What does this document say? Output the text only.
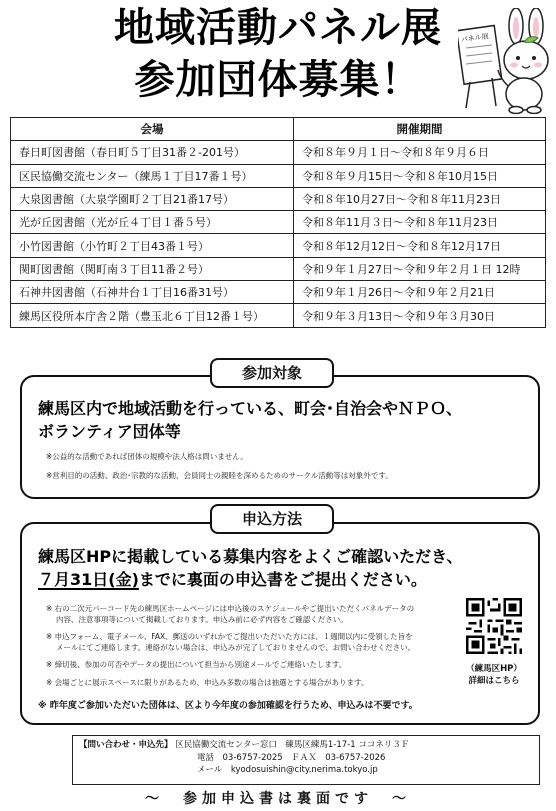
地域活動パネル展
参加団体募集！
パネル展
会場	開催期間
春日町図書館（春日町５丁目31番２-201号）	令和８年９月１日～令和８年９月６日
区民協働交流センター（練馬１丁目17番１号）	令和８年９月15日～令和８年10月15日
大泉図書館（大泉学園町２丁目21番17号）	令和８年10月27日～令和８年11月23日
光が丘図書館（光が丘４丁目１番５号）	令和８年11月３日～令和８年11月23日
小竹図書館（小竹町２丁目43番１号）	令和８年12月12日～令和８年12月17日
関町図書館（関町南３丁目11番２号）	令和９年１月27日～令和９年２月１日 12時
石神井図書館（石神井台１丁目16番31号）	令和９年１月26日～令和９年２月21日
練馬区役所本庁舎２階（豊玉北６丁目12番１号）	令和９年３月13日～令和９年３月30日
参加対象
練馬区内で地域活動を行っている、町会･自治会やＮＰＯ、
ボランティア団体等
※公益的な活動であれば団体の規模や法人格は問いません。
※営利目的の活動、政治･宗教的な活動、会員同士の親睦を深めるためのサークル活動等は対象外です。
申込方法
練馬区HPに掲載している募集内容をよくご確認いただき、
７月31日(金)までに裏面の申込書をご提出ください。
※ 右の二次元バーコード先の練馬区ホームページには申込後のスケジュールやご提出いただくパネルデータの
内容、注意事項等について掲載しております。申込み前に必ず内容をご確認ください。
※ 申込フォーム、電子メール、FAX、郵送のいずれかでご提出いただいた方には、１週間以内に受領した旨を
メールにてご連絡します。連絡がない場合は、申込みが完了しておりませんので、お問い合わせください。
※ 締切後、参加の可否やデータの提出について担当から別途メールでご連絡いたします。
※ 会場ごとに展示スペースに限りがあるため、申込み多数の場合は抽選とする場合があります。
（練馬区HP）
詳細はこちら
※ 昨年度ご参加いただいた団体は、区より今年度の参加確認を行うため、申込みは不要です。
【問い合わせ・申込先】 区民協働交流センター窓口　練馬区練馬1-17-1 ココネリ３Ｆ
電話　03-6757-2025　ＦＡＸ　03-6757-2026
メール　kyodosuishin@city.nerima.tokyo.jp
～　参加申込書は裏面です　～
